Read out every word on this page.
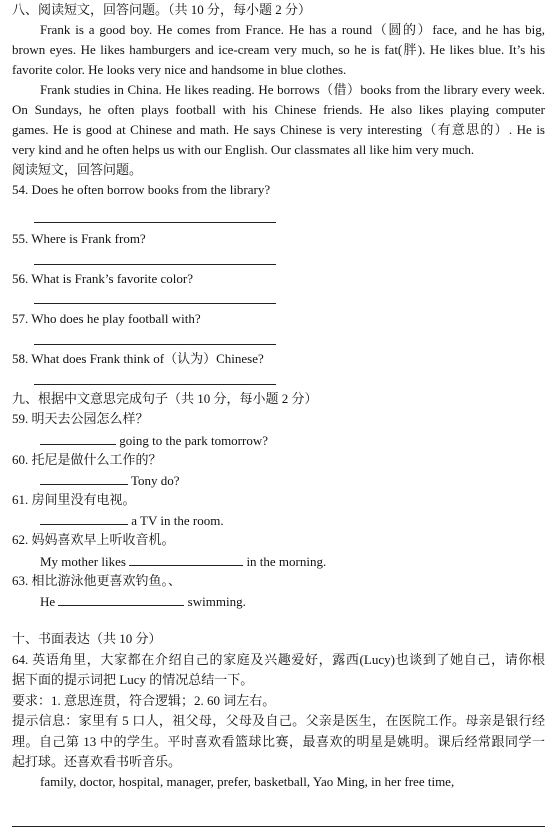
八、阅读短文，回答问题。（共 10 分，每小题 2 分）
Frank is a good boy. He comes from France. He has a round（圆的）face, and he has big,
brown eyes. He likes hamburgers and ice-cream very much, so he is fat(胖). He likes blue. It’s his
favorite color. He looks very nice and handsome in blue clothes.
Frank studies in China. He likes reading. He borrows（借）books from the library every week.
On Sundays, he often plays football with his Chinese friends. He also likes playing computer
games. He is good at Chinese and math. He says Chinese is very interesting（有意思的）. He is
very kind and he often helps us with our English. Our classmates all like him very much.
阅读短文，回答问题。
54. Does he often borrow books from the library?
55. Where is Frank from?
56. What is Frank’s favorite color?
57. Who does he play football with?
58. What does Frank think of（认为）Chinese?
九、根据中文意思完成句子（共 10 分，每小题 2 分）
59. 明天去公园怎么样？
going to the park tomorrow?
60. 托尼是做什么工作的？
Tony do?
61. 房间里没有电视。
a TV in the room.
62. 妈妈喜欢早上听收音机。
My mother likes	in the morning.
63. 相比游泳他更喜欢钓鱼。、
He	swimming.
十、书面表达（共 10 分）
64. 英语角里，大家都在介绍自己的家庭及兴趣爱好，露西(Lucy)也谈到了她自己，请你根
据下面的提示词把 Lucy 的情况总结一下。
要求：1. 意思连贯，符合逻辑；2. 60 词左右。
提示信息：家里有 5 口人，祖父母，父母及自己。父亲是医生，在医院工作。母亲是银行经
理。自己第 13 中的学生。平时喜欢看篮球比赛，最喜欢的明星是姚明。课后经常跟同学一
起打球。还喜欢看书听音乐。
family, doctor, hospital, manager, prefer, basketball, Yao Ming, in her free time,
